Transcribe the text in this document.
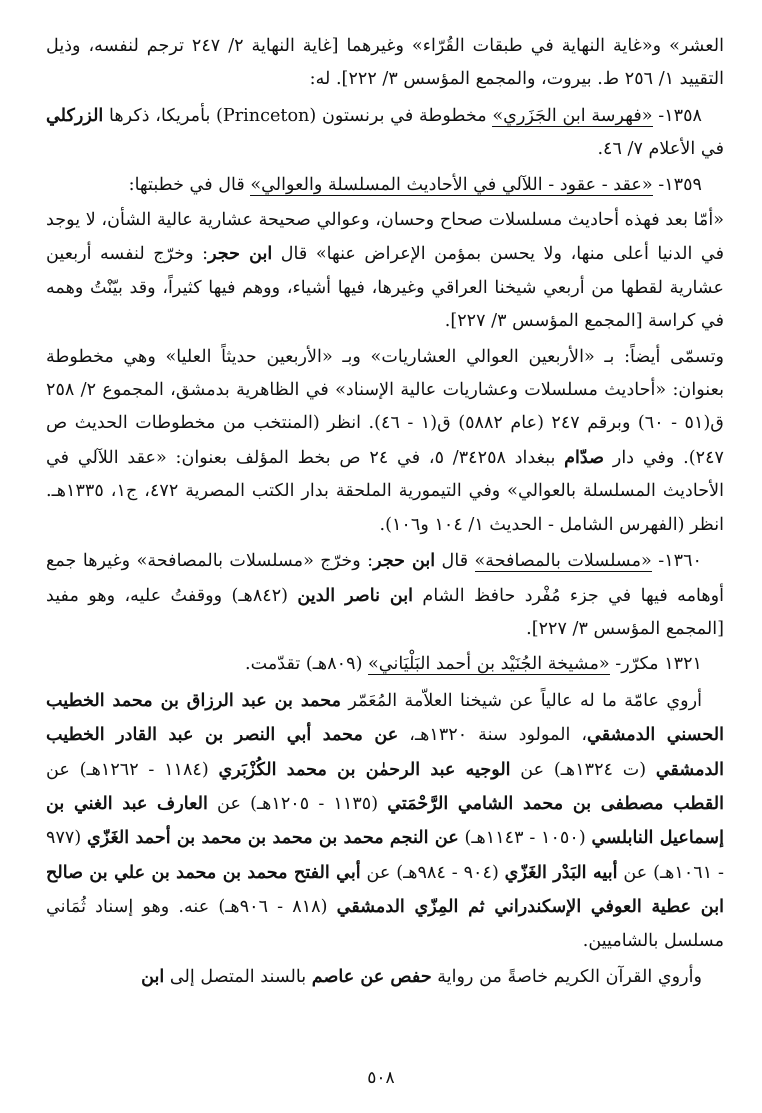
العشر» و«غاية النهاية في طبقات القُرّاء» وغيرهما [غاية النهاية ٢/ ٢٤٧ ترجم لنفسه، وذيل التقييد ١/ ٢٥٦ ط. بيروت، والمجمع المؤسس ٣/ ٢٢٢]. له:

١٣٥٨- «فهرسة ابن الجَزَري» مخطوطة في برنستون (Princeton) بأمريكا، ذكرها الزركلي في الأعلام ٧/ ٤٦.

١٣٥٩- «عقد - عقود - اللآلي في الأحاديث المسلسلة والعوالي» قال في خطبتها:

«أمّا بعد فهذه أحاديث مسلسلات صحاح وحسان، وعوالي صحيحة عشارية عالية الشأن، لا يوجد في الدنيا أعلى منها، ولا يحسن بمؤمن الإعراض عنها» قال ابن حجر: وخرّج لنفسه أربعين عشارية لقطها من أربعي شيخنا العراقي وغيرها، فيها أشياء، ووهم فيها كثيراً، وقد بيّنْتُ وهمه في كراسة [المجمع المؤسس ٣/ ٢٢٧].

وتسمّى أيضاً: بـ «الأربعين العوالي العشاريات» وبـ «الأربعين حديثاً العليا» وهي مخطوطة بعنوان: «أحاديث مسلسلات وعشاريات عالية الإسناد» في الظاهرية بدمشق، المجموع ٢/ ٢٥٨ ق(٥١ - ٦٠) وبرقم ٢٤٧ (عام ٥٨٨٢) ق(١ - ٤٦). انظر (المنتخب من مخطوطات الحديث ص ٢٤٧). وفي دار صدّام ببغداد ٣٤٢٥٨/ ٥، في ٢٤ ص بخط المؤلف بعنوان: «عقد اللآلي في الأحاديث المسلسلة بالعوالي» وفي التيمورية الملحقة بدار الكتب المصرية ٤٧٢، ج١، ١٣٣٥هـ. انظر (الفهرس الشامل - الحديث ١/ ١٠٤ و١٠٦).

١٣٦٠- «مسلسلات بالمصافحة» قال ابن حجر: وخرّج «مسلسلات بالمصافحة» وغيرها جمع أوهامه فيها في جزء مُفْرد حافظ الشام ابن ناصر الدين (٨٤٢هـ) ووقفتُ عليه، وهو مفيد [المجمع المؤسس ٣/ ٢٢٧].

١٣٢١ مكرّر- «مشيخة الجُنَيْد بن أحمد البَلْيَاني» (٨٠٩هـ) تقدّمت.

أروي عامّة ما له عالياً عن شيخنا العلاّمة المُعَمّر محمد بن عبد الرزاق بن محمد الخطيب الحسني الدمشقي، المولود سنة ١٣٢٠هـ، عن محمد أبي النصر بن عبد القادر الخطيب الدمشقي (ت ١٣٢٤هـ) عن الوجيه عبد الرحمٰن بن محمد الكُزْبَري (١١٨٤ - ١٢٦٢هـ) عن القطب مصطفى بن محمد الشامي الرَّحْمَتي (١١٣٥ - ١٢٠٥هـ) عن العارف عبد الغني بن إسماعيل النابلسي (١٠٥٠ - ١١٤٣هـ) عن النجم محمد بن محمد بن محمد بن أحمد الغَزّي (٩٧٧ - ١٠٦١هـ) عن أبيه البَدْر الغَزّي (٩٠٤ - ٩٨٤هـ) عن أبي الفتح محمد بن محمد بن علي بن صالح ابن عطية العوفي الإسكندراني ثم المِزّي الدمشقي (٨١٨ - ٩٠٦هـ) عنه. وهو إسناد ثُمَاني مسلسل بالشاميين.

وأروي القرآن الكريم خاصةً من رواية حفص عن عاصم بالسند المتصل إلى ابن

٥٠٨
